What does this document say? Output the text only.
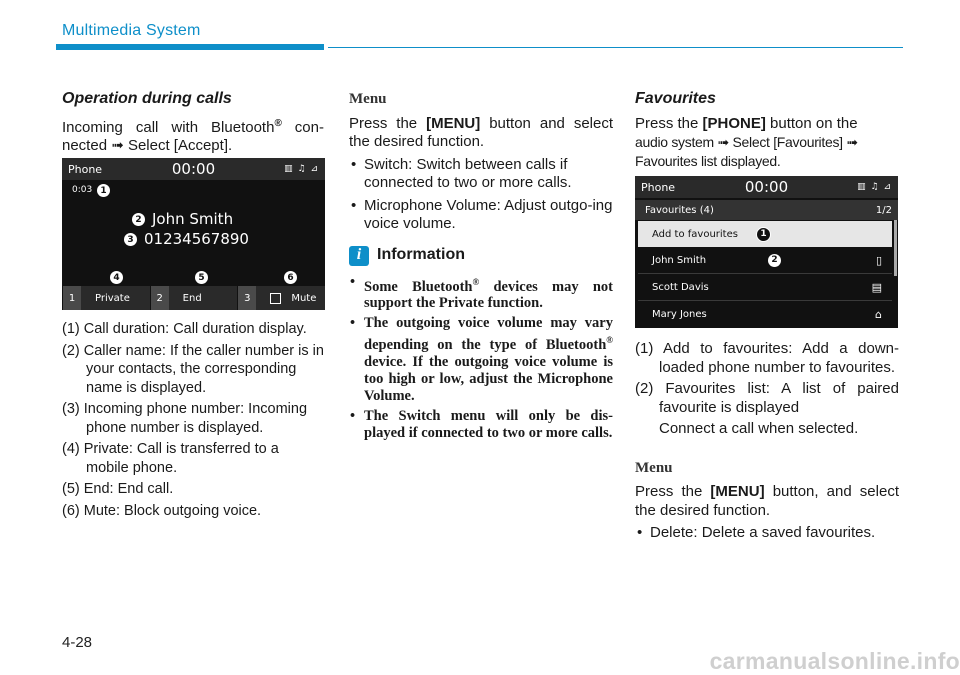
Multimedia System
Operation during calls

Incoming call with Bluetooth® con-nected ➟ Select [Accept].

Phone	00:00	▥ ♫ ⊿
0:03 1
2 John Smith
3 01234567890
4	5	6
1	Private	2	End	3	Mute
(1) Call duration: Call duration display.
(2) Caller name: If the caller number is in your contacts, the corresponding name is displayed.
(3) Incoming phone number: Incoming phone number is displayed.
(4) Private: Call is transferred to a mobile phone.
(5) End: End call.
(6) Mute: Block outgoing voice.
Menu

Press the [MENU] button and select the desired function.

• Switch: Switch between calls if connected to two or more calls.
• Microphone Volume: Adjust outgo-ing voice volume.
i Information
• Some Bluetooth® devices may not support the Private function.
• The outgoing voice volume may vary depending on the type of Bluetooth® device. If the outgoing voice volume is too high or low, adjust the Microphone Volume.
• The Switch menu will only be dis-played if connected to two or more calls.
Favourites

Press the [PHONE] button on the

audio system ➟ Select [Favourites] ➟ Favourites list displayed.

Phone	00:00	▥ ♫ ⊿
Favourites (4)	1/2
Add to favourites	1
John Smith	2	▯
Scott Davis	▤
Mary Jones	⌂
(1) Add to favourites: Add a down-loaded phone number to favourites.
(2) Favourites list: A list of paired favourite is displayed

Connect a call when selected.

Menu

Press the [MENU] button, and select the desired function.

• Delete: Delete a saved favourites.
4-28
carmanualsonline.info
